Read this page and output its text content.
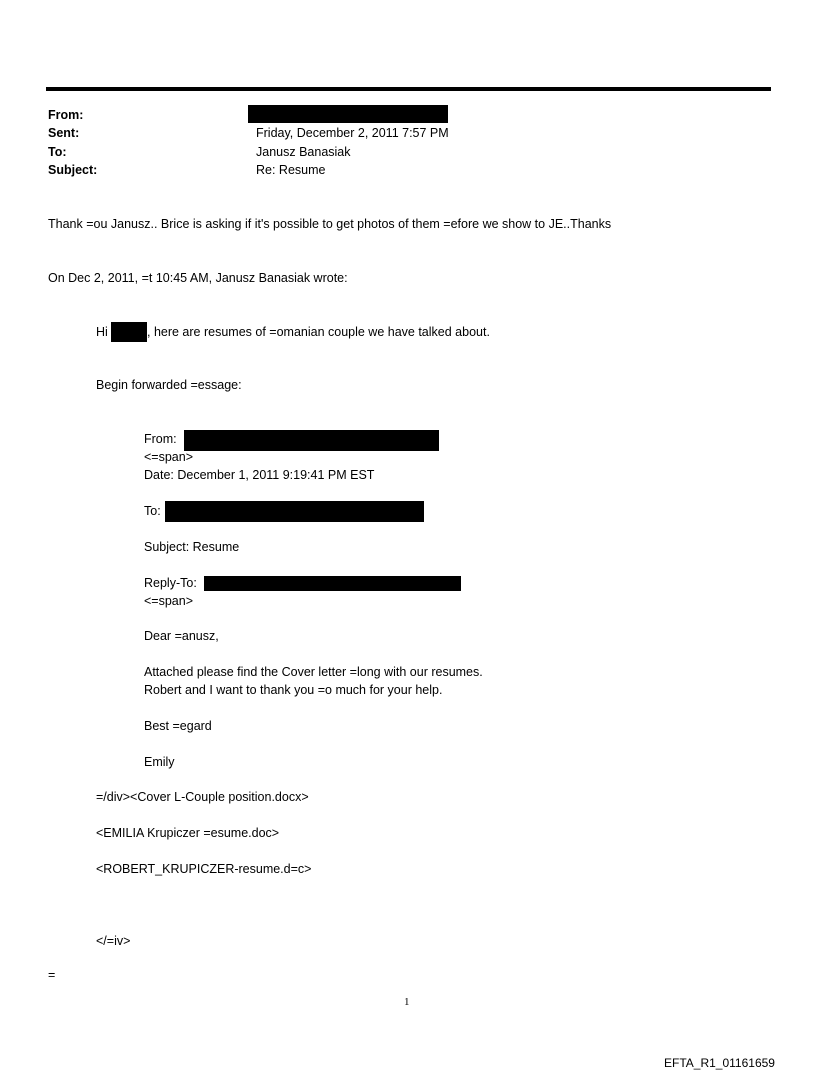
From:
Sent:	Friday, December 2, 2011 7:57 PM
To:	Janusz Banasiak
Subject:	Re: Resume
Thank =ou Janusz.. Brice is asking if it's possible to get photos of them =efore we show to JE..Thanks
On Dec 2, 2011, =t 10:45 AM, Janusz Banasiak wrote:
Hi	, here are resumes of =omanian couple we have talked about.
Begin forwarded =essage:
From:
<=span>
Date: December 1, 2011 9:19:41 PM EST
To:
Subject: Resume
Reply-To:
<=span>
Dear =anusz,
Attached please find the Cover letter =long with our resumes.
Robert and I want to thank you =o much for your help.
Best =egard
Emily
=/div><Cover L-Couple position.docx>
<EMILIA Krupiczer =esume.doc>
<ROBERT_KRUPICZER-resume.d=c>
</=iv>
=
1
EFTA_R1_01161659
